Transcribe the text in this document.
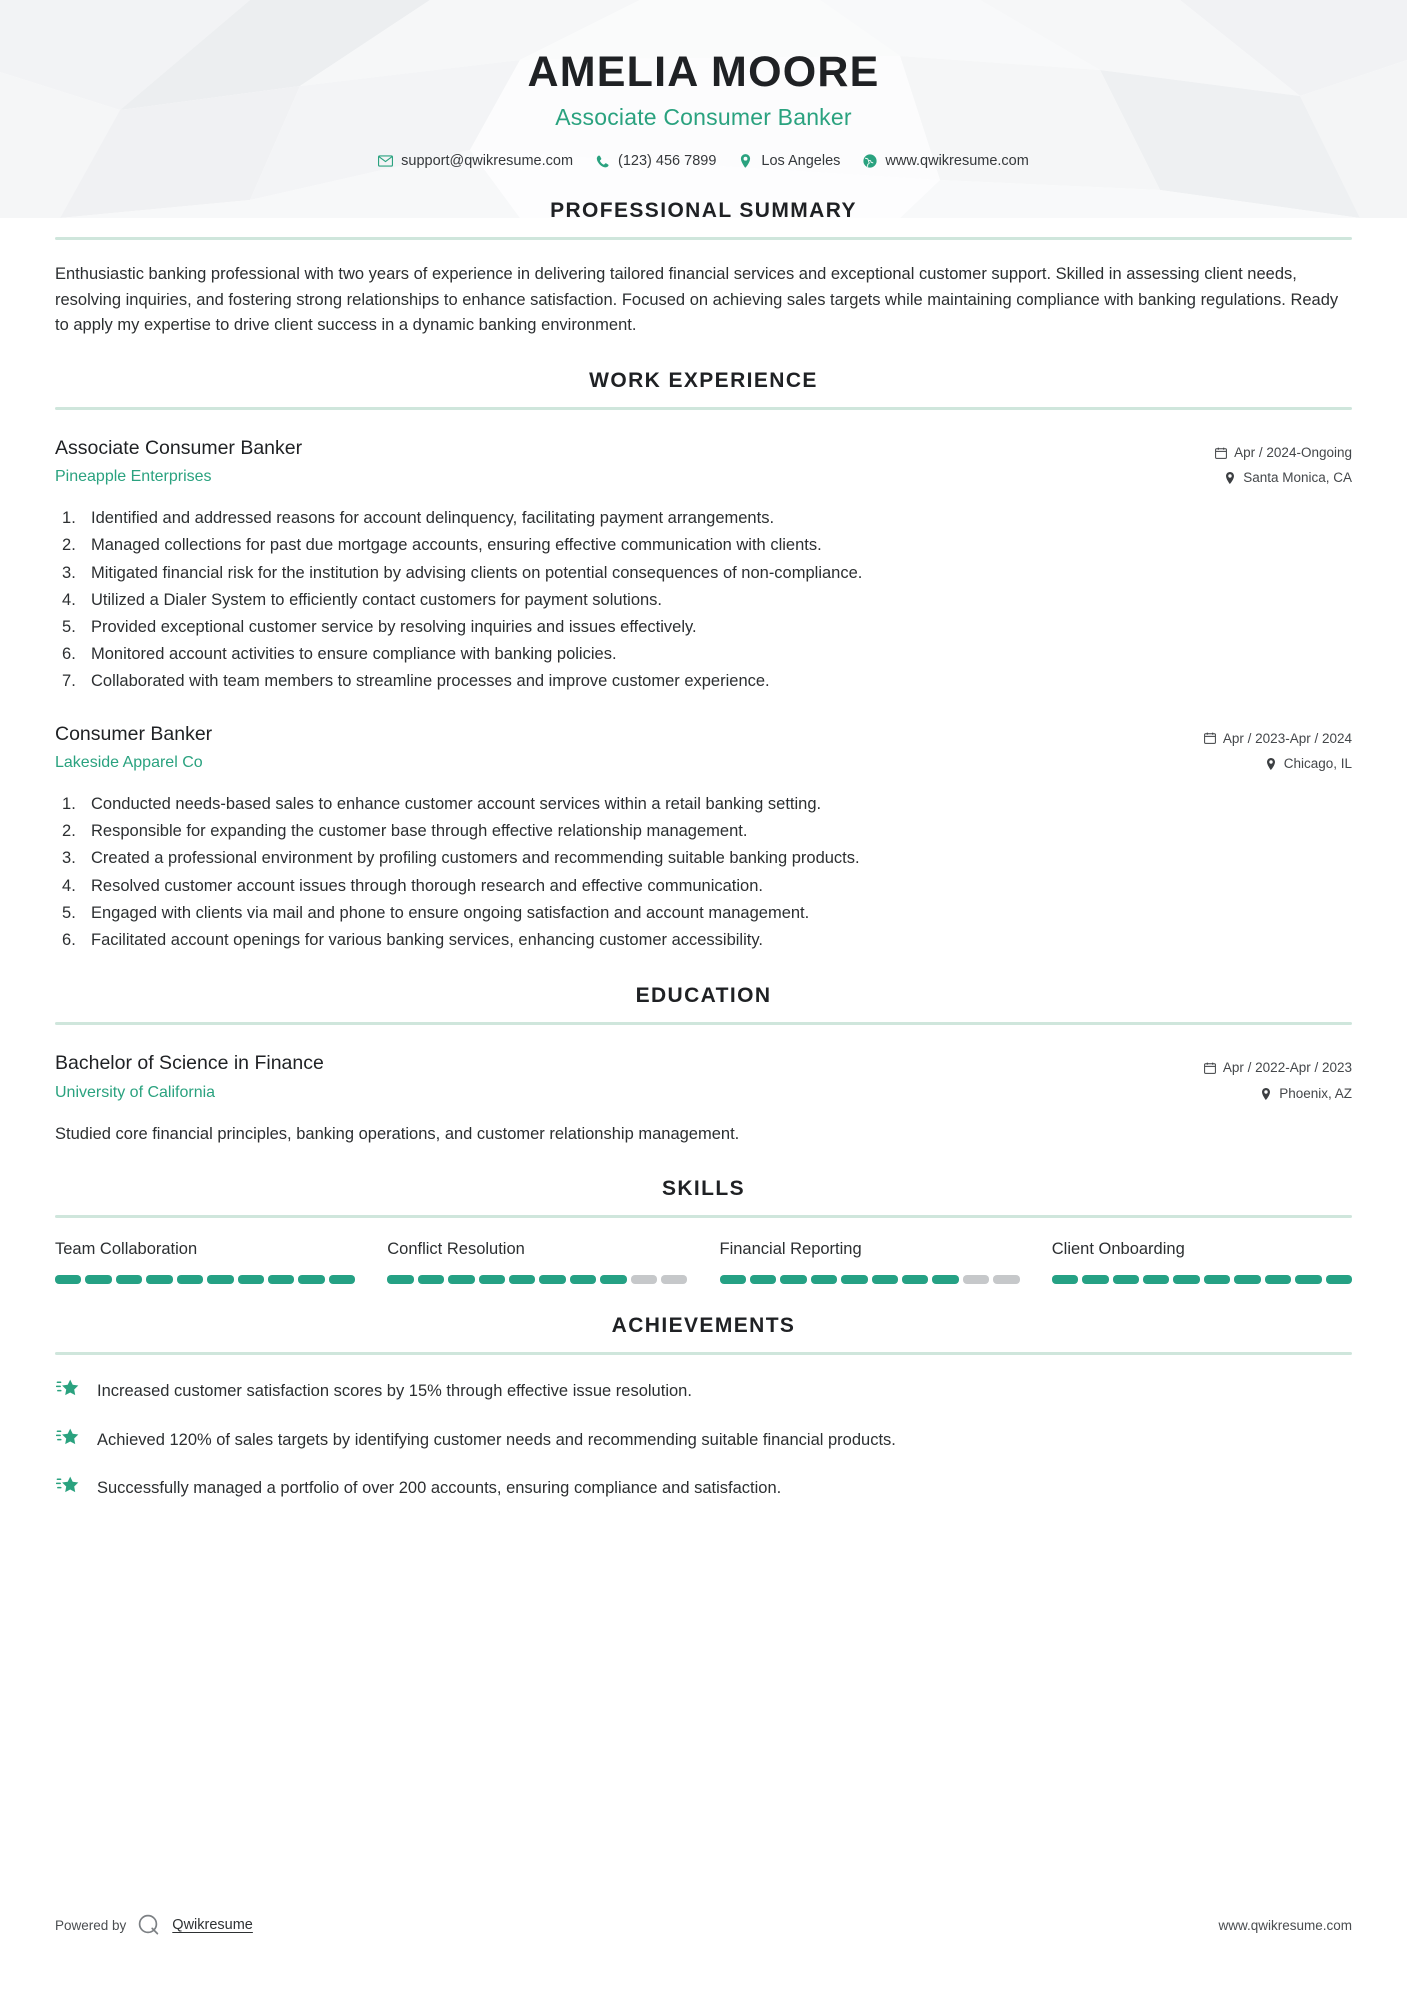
AMELIA MOORE
Associate Consumer Banker
support@qwikresume.com	(123) 456 7899	Los Angeles	www.qwikresume.com
PROFESSIONAL SUMMARY

Enthusiastic banking professional with two years of experience in delivering tailored financial services and exceptional customer support. Skilled in assessing client needs, resolving inquiries, and fostering strong relationships to enhance satisfaction. Focused on achieving sales targets while maintaining compliance with banking regulations. Ready to apply my expertise to drive client success in a dynamic banking environment.

WORK EXPERIENCE
Associate Consumer Banker
Pineapple Enterprises
Apr / 2024-Ongoing
Santa Monica, CA
Identified and addressed reasons for account delinquency, facilitating payment arrangements.
Managed collections for past due mortgage accounts, ensuring effective communication with clients.
Mitigated financial risk for the institution by advising clients on potential consequences of non-compliance.
Utilized a Dialer System to efficiently contact customers for payment solutions.
Provided exceptional customer service by resolving inquiries and issues effectively.
Monitored account activities to ensure compliance with banking policies.
Collaborated with team members to streamline processes and improve customer experience.
Consumer Banker
Lakeside Apparel Co
Apr / 2023-Apr / 2024
Chicago, IL
Conducted needs-based sales to enhance customer account services within a retail banking setting.
Responsible for expanding the customer base through effective relationship management.
Created a professional environment by profiling customers and recommending suitable banking products.
Resolved customer account issues through thorough research and effective communication.
Engaged with clients via mail and phone to ensure ongoing satisfaction and account management.
Facilitated account openings for various banking services, enhancing customer accessibility.
EDUCATION
Bachelor of Science in Finance
University of California
Apr / 2022-Apr / 2023
Phoenix, AZ

Studied core financial principles, banking operations, and customer relationship management.

SKILLS
Team Collaboration	Conflict Resolution	Financial Reporting	Client Onboarding
ACHIEVEMENTS
Increased customer satisfaction scores by 15% through effective issue resolution.
Achieved 120% of sales targets by identifying customer needs and recommending suitable financial products.
Successfully managed a portfolio of over 200 accounts, ensuring compliance and satisfaction.
Powered by	Qwikresume	www.qwikresume.com
